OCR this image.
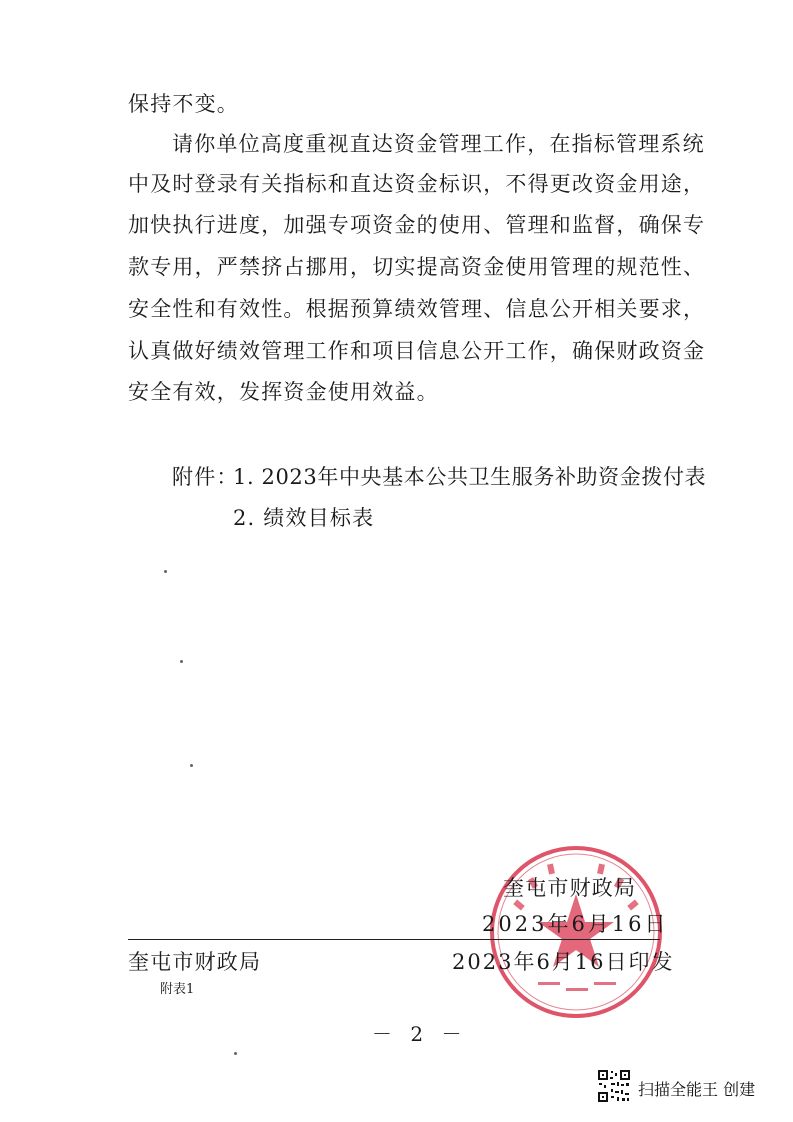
保持不变。
请你单位高度重视直达资金管理工作，在指标管理系统
中及时登录有关指标和直达资金标识，不得更改资金用途，
加快执行进度，加强专项资金的使用、管理和监督，确保专
款专用，严禁挤占挪用，切实提高资金使用管理的规范性、
安全性和有效性。根据预算绩效管理、信息公开相关要求，
认真做好绩效管理工作和项目信息公开工作，确保财政资金
安全有效，发挥资金使用效益。
附件：
1. 2023年中央基本公共卫生服务补助资金拨付表
2. 绩效目标表
奎屯市财政局
2023年6月16日
奎屯市财政局	2023年6月16日印发
附表1
－ 2 －
扫描全能王 创建
